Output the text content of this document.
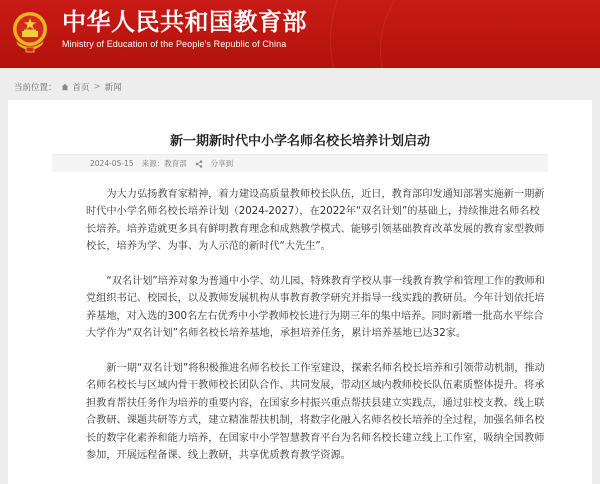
中华人民共和国教育部
Ministry of Education of the People's Republic of China
当前位置： 首页 > 新闻
新一期新时代中小学名师名校长培养计划启动
2024-05-15 来源：教育部	分享到

为大力弘扬教育家精神，着力建设高质量教师校长队伍，近日，教育部印发通知部署实施新一期新时代中小学名师名校长培养计划（2024-2027），在2022年“双名计划”的基础上，持续推进名师名校长培养。培养造就更多具有鲜明教育理念和成熟教学模式、能够引领基础教育改革发展的教育家型教师校长，培养为学、为事、为人示范的新时代“大先生”。

“双名计划”培养对象为普通中小学、幼儿园、特殊教育学校从事一线教育教学和管理工作的教师和党组织书记、校园长，以及教师发展机构从事教育教学研究并指导一线实践的教研员。今年计划依托培养基地，对入选的300名左右优秀中小学教师校长进行为期三年的集中培养。同时新增一批高水平综合大学作为“双名计划”名师名校长培养基地，承担培养任务，累计培养基地已达32家。

新一期“双名计划”将积极推进名师名校长工作室建设，探索名师名校长培养和引领带动机制，推动名师名校长与区域内骨干教师校长团队合作、共同发展，带动区域内教师校长队伍素质整体提升。将承担教育帮扶任务作为培养的重要内容，在国家乡村振兴重点帮扶县建立实践点，通过驻校支教、线上联合教研、课题共研等方式，建立精准帮扶机制，将数字化融入名师名校长培养的全过程，加强名师名校长的数字化素养和能力培养，在国家中小学智慧教育平台为名师名校长建立线上工作室，吸纳全国教师参加，开展远程备课、线上教研，共享优质教育教学资源。
